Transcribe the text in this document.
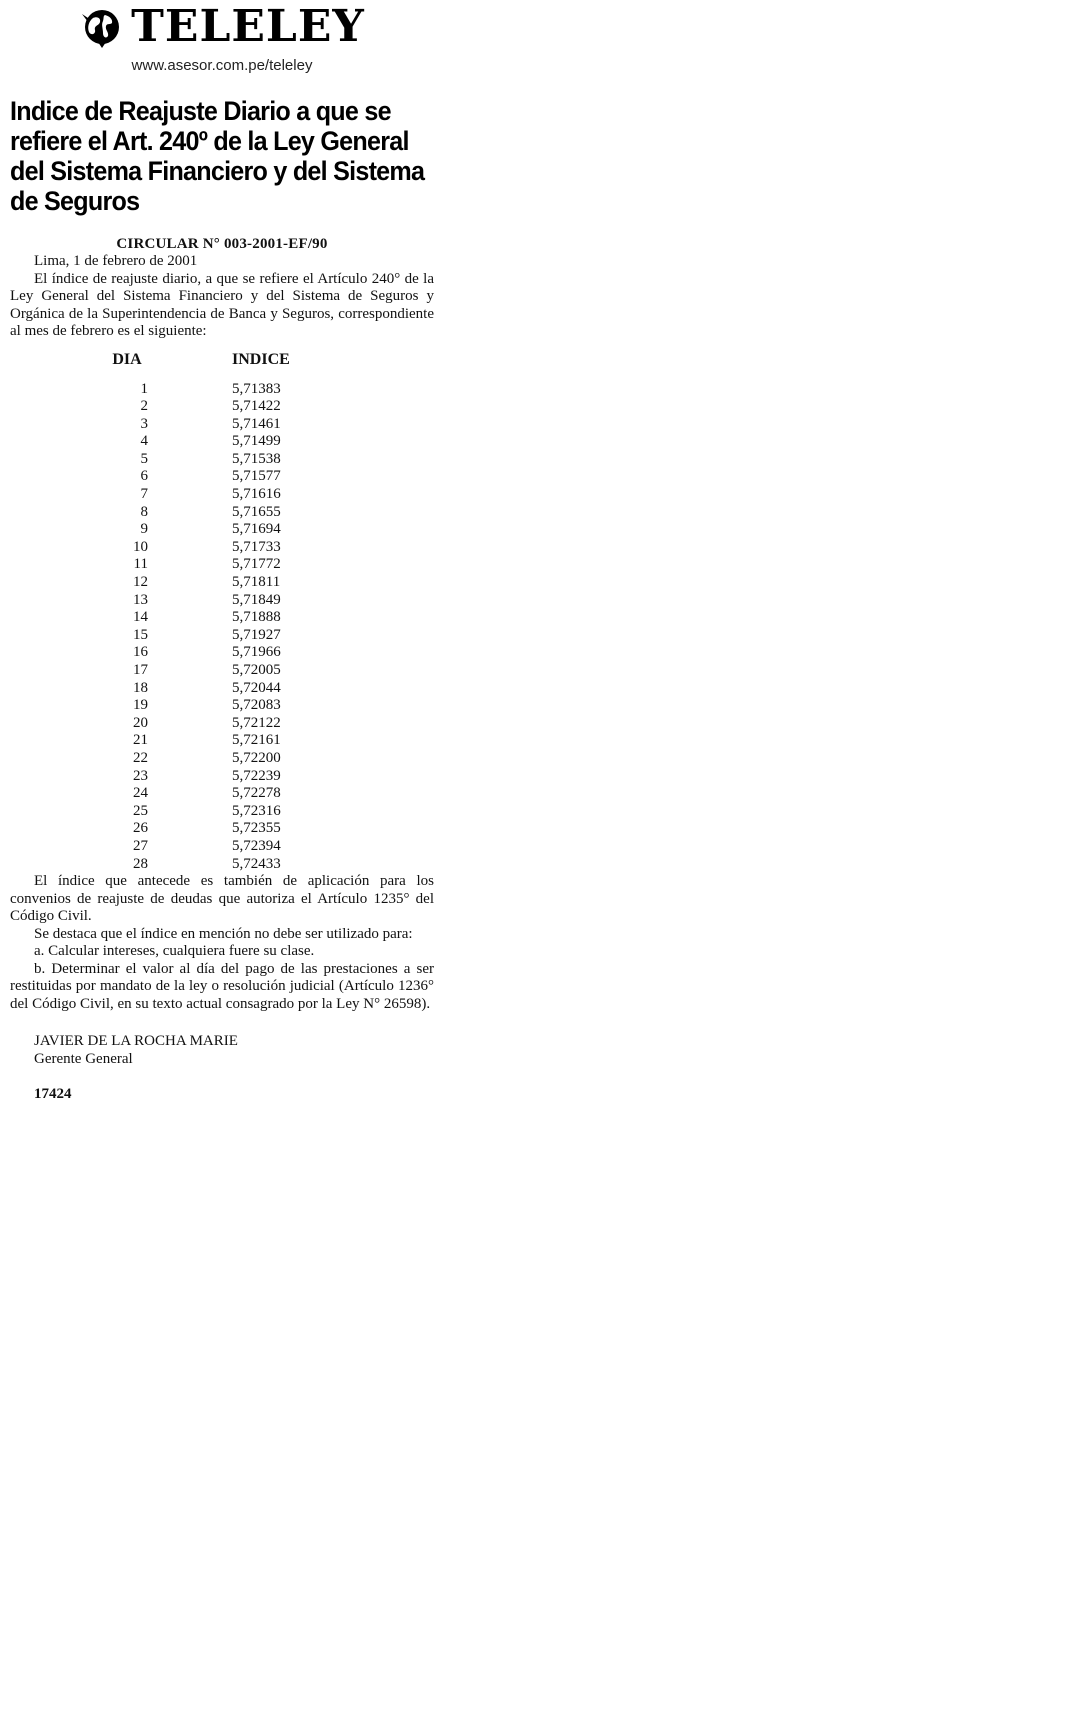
TELELEY
www.asesor.com.pe/teleley
Indice de Reajuste Diario a que se refiere el Art. 240º de la Ley General del Sistema Financiero y del Sistema de Seguros
CIRCULAR N° 003-2001-EF/90

Lima, 1 de febrero de 2001

El índice de reajuste diario, a que se refiere el Artículo 240° de la Ley General del Sistema Financiero y del Sistema de Seguros y Orgánica de la Superintendencia de Banca y Seguros, correspondiente al mes de febrero es el siguiente:

DIA		INDICE
1		5,71383
2		5,71422
3		5,71461
4		5,71499
5		5,71538
6		5,71577
7		5,71616
8		5,71655
9		5,71694
10		5,71733
11		5,71772
12		5,71811
13		5,71849
14		5,71888
15		5,71927
16		5,71966
17		5,72005
18		5,72044
19		5,72083
20		5,72122
21		5,72161
22		5,72200
23		5,72239
24		5,72278
25		5,72316
26		5,72355
27		5,72394
28		5,72433

El índice que antecede es también de aplicación para los convenios de reajuste de deudas que autoriza el Artículo 1235° del Código Civil.

Se destaca que el índice en mención no debe ser utilizado para:

a. Calcular intereses, cualquiera fuere su clase.

b. Determinar el valor al día del pago de las prestaciones a ser restituidas por mandato de la ley o resolución judicial (Artículo 1236° del Código Civil, en su texto actual consagrado por la Ley N° 26598).

JAVIER DE LA ROCHA MARIE
Gerente General
17424
